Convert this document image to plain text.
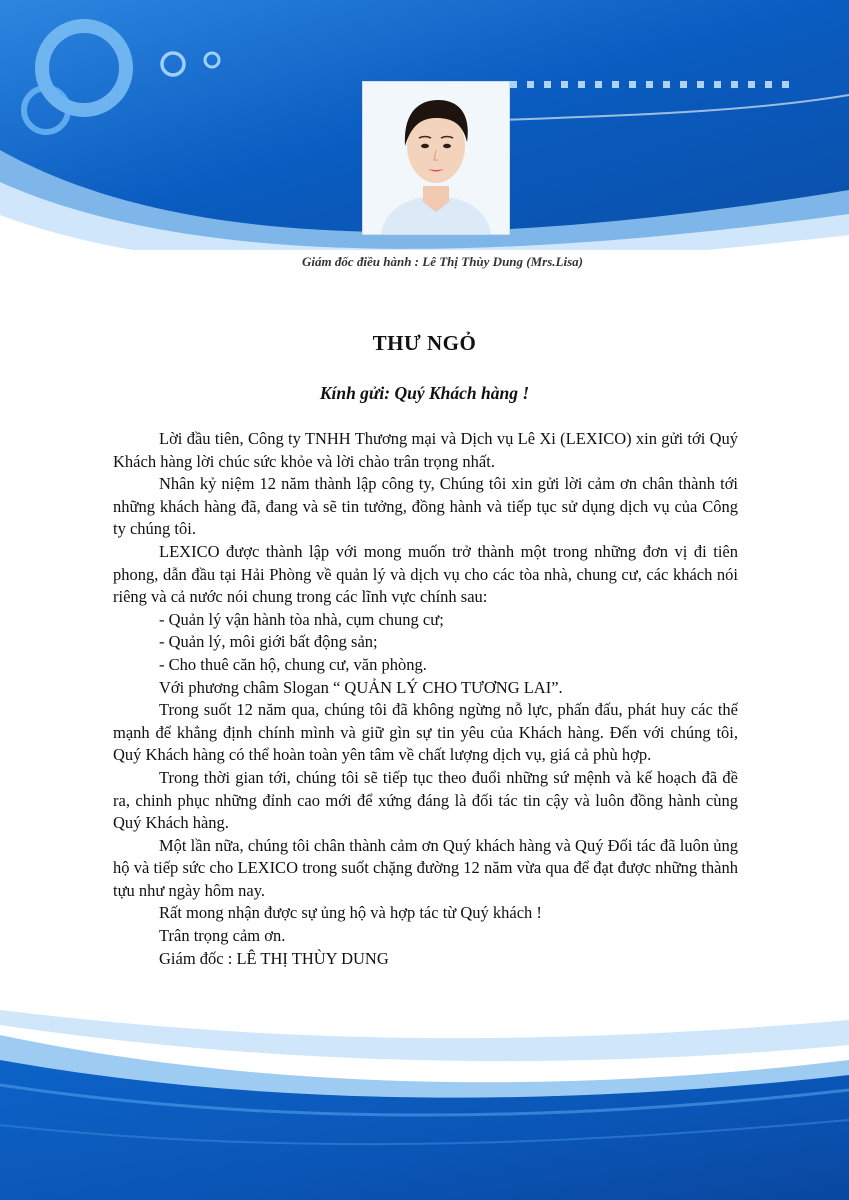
Giám đốc điều hành : Lê Thị Thùy Dung (Mrs.Lisa)
THƯ NGỎ
Kính gửi: Quý Khách hàng !

Lời đầu tiên, Công ty TNHH Thương mại và Dịch vụ Lê Xi (LEXICO) xin gửi tới Quý Khách hàng lời chúc sức khỏe và lời chào trân trọng nhất.

Nhân kỷ niệm 12 năm thành lập công ty, Chúng tôi xin gửi lời cảm ơn chân thành tới những khách hàng đã, đang và sẽ tin tưởng, đồng hành và tiếp tục sử dụng dịch vụ của Công ty chúng tôi.

LEXICO được thành lập với mong muốn trở thành một trong những đơn vị đi tiên phong, dẫn đầu tại Hải Phòng về quản lý và dịch vụ cho các tòa nhà, chung cư, các khách nói riêng và cả nước nói chung trong các lĩnh vực chính sau:

- Quản lý vận hành tòa nhà, cụm chung cư;

- Quản lý, môi giới bất động sản;

- Cho thuê căn hộ, chung cư, văn phòng.

Với phương châm Slogan “ QUẢN LÝ CHO TƯƠNG LAI”.

Trong suốt 12 năm qua, chúng tôi đã không ngừng nỗ lực, phấn đấu, phát huy các thế mạnh để khẳng định chính mình và giữ gìn sự tin yêu của Khách hàng. Đến với chúng tôi, Quý Khách hàng có thể hoàn toàn yên tâm về chất lượng dịch vụ, giá cả phù hợp.

Trong thời gian tới, chúng tôi sẽ tiếp tục theo đuổi những sứ mệnh và kế hoạch đã đề ra, chinh phục những đỉnh cao mới để xứng đáng là đối tác tin cậy và luôn đồng hành cùng Quý Khách hàng.

Một lần nữa, chúng tôi chân thành cảm ơn Quý khách hàng và Quý Đối tác đã luôn ủng hộ và tiếp sức cho LEXICO trong suốt chặng đường 12 năm vừa qua để đạt được những thành tựu như ngày hôm nay.

Rất mong nhận được sự ủng hộ và hợp tác từ Quý khách !

Trân trọng cảm ơn.

Giám đốc : LÊ THỊ THÙY DUNG
